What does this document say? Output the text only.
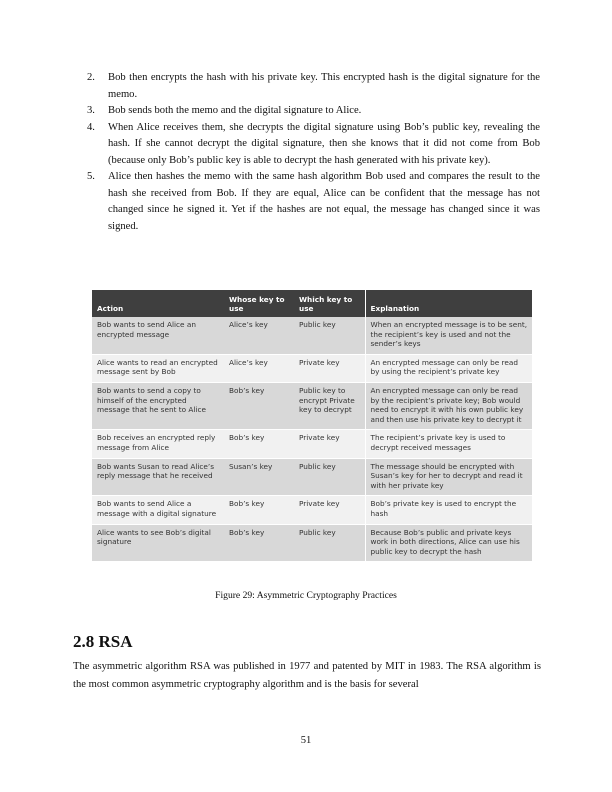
2.	Bob then encrypts the hash with his private key. This encrypted hash is the digital signature for the memo.
3.	Bob sends both the memo and the digital signature to Alice.
4.	When Alice receives them, she decrypts the digital signature using Bob’s public key, revealing the hash. If she cannot decrypt the digital signature, then she knows that it did not come from Bob (because only Bob’s public key is able to decrypt the hash generated with his private key).
5.	Alice then hashes the memo with the same hash algorithm Bob used and compares the result to the hash she received from Bob. If they are equal, Alice can be confident that the message has not changed since he signed it. Yet if the hashes are not equal, the message has changed since it was signed.
Action	Whose key to use	Which key to use	Explanation
Bob wants to send Alice an encrypted message	Alice’s key	Public key	When an encrypted message is to be sent, the recipient’s key is used and not the sender’s keys
Alice wants to read an encrypted message sent by Bob	Alice’s key	Private key	An encrypted message can only be read by using the recipient’s private key
Bob wants to send a copy to himself of the encrypted message that he sent to Alice	Bob’s key	Public key to encrypt Private key to decrypt	An encrypted message can only be read by the recipient’s private key; Bob would need to encrypt it with his own public key and then use his private key to decrypt it
Bob receives an encrypted reply message from Alice	Bob’s key	Private key	The recipient’s private key is used to decrypt received messages
Bob wants Susan to read Alice’s reply message that he received	Susan’s key	Public key	The message should be encrypted with Susan’s key for her to decrypt and read it with her private key
Bob wants to send Alice a message with a digital signature	Bob’s key	Private key	Bob’s private key is used to encrypt the hash
Alice wants to see Bob’s digital signature	Bob’s key	Public key	Because Bob’s public and private keys work in both directions, Alice can use his public key to decrypt the hash
Figure 29: Asymmetric Cryptography Practices
2.8 RSA
The asymmetric algorithm RSA was published in 1977 and patented by MIT in 1983. The RSA algorithm is the most common asymmetric cryptography algorithm and is the basis for several
51
